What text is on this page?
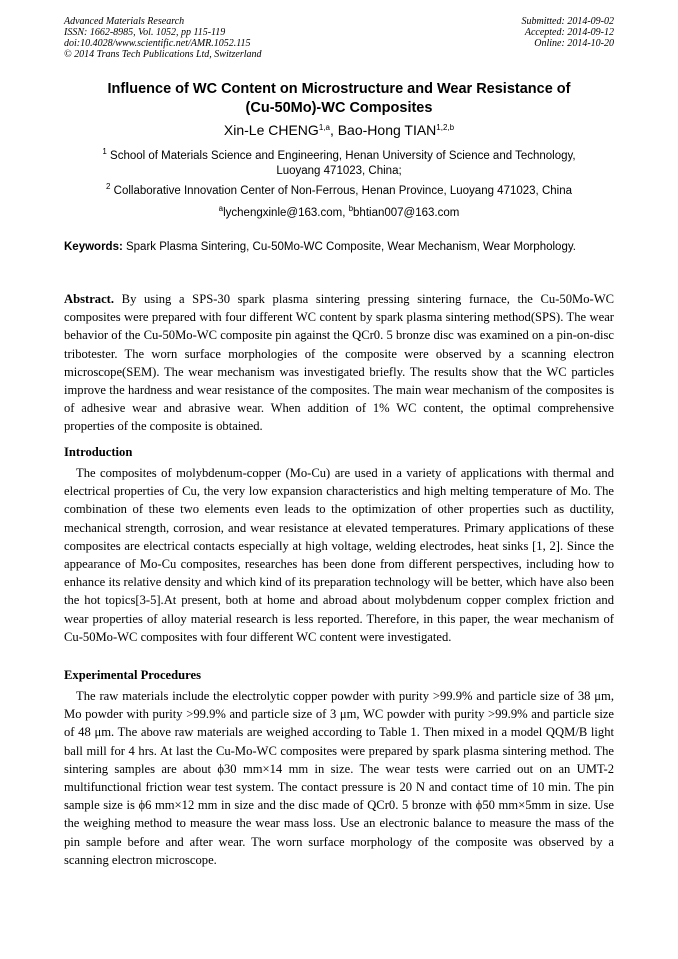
Advanced Materials Research
ISSN: 1662-8985, Vol. 1052, pp 115-119
doi:10.4028/www.scientific.net/AMR.1052.115
© 2014 Trans Tech Publications Ltd, Switzerland
Submitted: 2014-09-02
Accepted: 2014-09-12
Online: 2014-10-20
Influence of WC Content on Microstructure and Wear Resistance of
(Cu-50Mo)-WC Composites
Xin-Le CHENG$^{1,a}$, Bao-Hong TIAN$^{1,2,b}$
$^1$ School of Materials Science and Engineering, Henan University of Science and Technology,
Luoyang 471023, China;
$^2$ Collaborative Innovation Center of Non-Ferrous, Henan Province, Luoyang 471023, China
$^a$lychengxinle@163.com, $^b$bhtian007@163.com
Keywords: Spark Plasma Sintering, Cu-50Mo-WC Composite, Wear Mechanism, Wear Morphology.
Abstract. By using a SPS-30 spark plasma sintering pressing sintering furnace, the Cu-50Mo-WC composites were prepared with four different WC content by spark plasma sintering method(SPS). The wear behavior of the Cu-50Mo-WC composite pin against the QCr0. 5 bronze disc was examined on a pin-on-disc tribotester. The worn surface morphologies of the composite were observed by a scanning electron microscope(SEM). The wear mechanism was investigated briefly. The results show that the WC particles improve the hardness and wear resistance of the composites. The main wear mechanism of the composites is of adhesive wear and abrasive wear. When addition of 1% WC content, the optimal comprehensive properties of the composite is obtained.
Introduction
The composites of molybdenum-copper (Mo-Cu) are used in a variety of applications with thermal and electrical properties of Cu, the very low expansion characteristics and high melting temperature of Mo. The combination of these two elements even leads to the optimization of other properties such as ductility, mechanical strength, corrosion, and wear resistance at elevated temperatures. Primary applications of these composites are electrical contacts especially at high voltage, welding electrodes, heat sinks [1, 2]. Since the appearance of Mo-Cu composites, researches has been done from different perspectives, including how to enhance its relative density and which kind of its preparation technology will be better, which have also been the hot topics[3-5].At present, both at home and abroad about molybdenum copper complex friction and wear properties of alloy material research is less reported. Therefore, in this paper, the wear mechanism of Cu-50Mo-WC composites with four different WC content were investigated.
Experimental Procedures
The raw materials include the electrolytic copper powder with purity >99.9% and particle size of 38 μm, Mo powder with purity >99.9% and particle size of 3 μm, WC powder with purity >99.9% and particle size of 48 μm. The above raw materials are weighed according to Table 1. Then mixed in a model QQM/B light ball mill for 4 hrs. At last the Cu-Mo-WC composites were prepared by spark plasma sintering method. The sintering samples are about ϕ30 mm×14 mm in size. The wear tests were carried out on an UMT-2 multifunctional friction wear test system. The contact pressure is 20 N and contact time of 10 min. The pin sample size is ϕ6 mm×12 mm in size and the disc made of QCr0. 5 bronze with ϕ50 mm×5mm in size. Use the weighing method to measure the wear mass loss. Use an electronic balance to measure the mass of the pin sample before and after wear. The worn surface morphology of the composite was observed by a scanning electron microscope.
